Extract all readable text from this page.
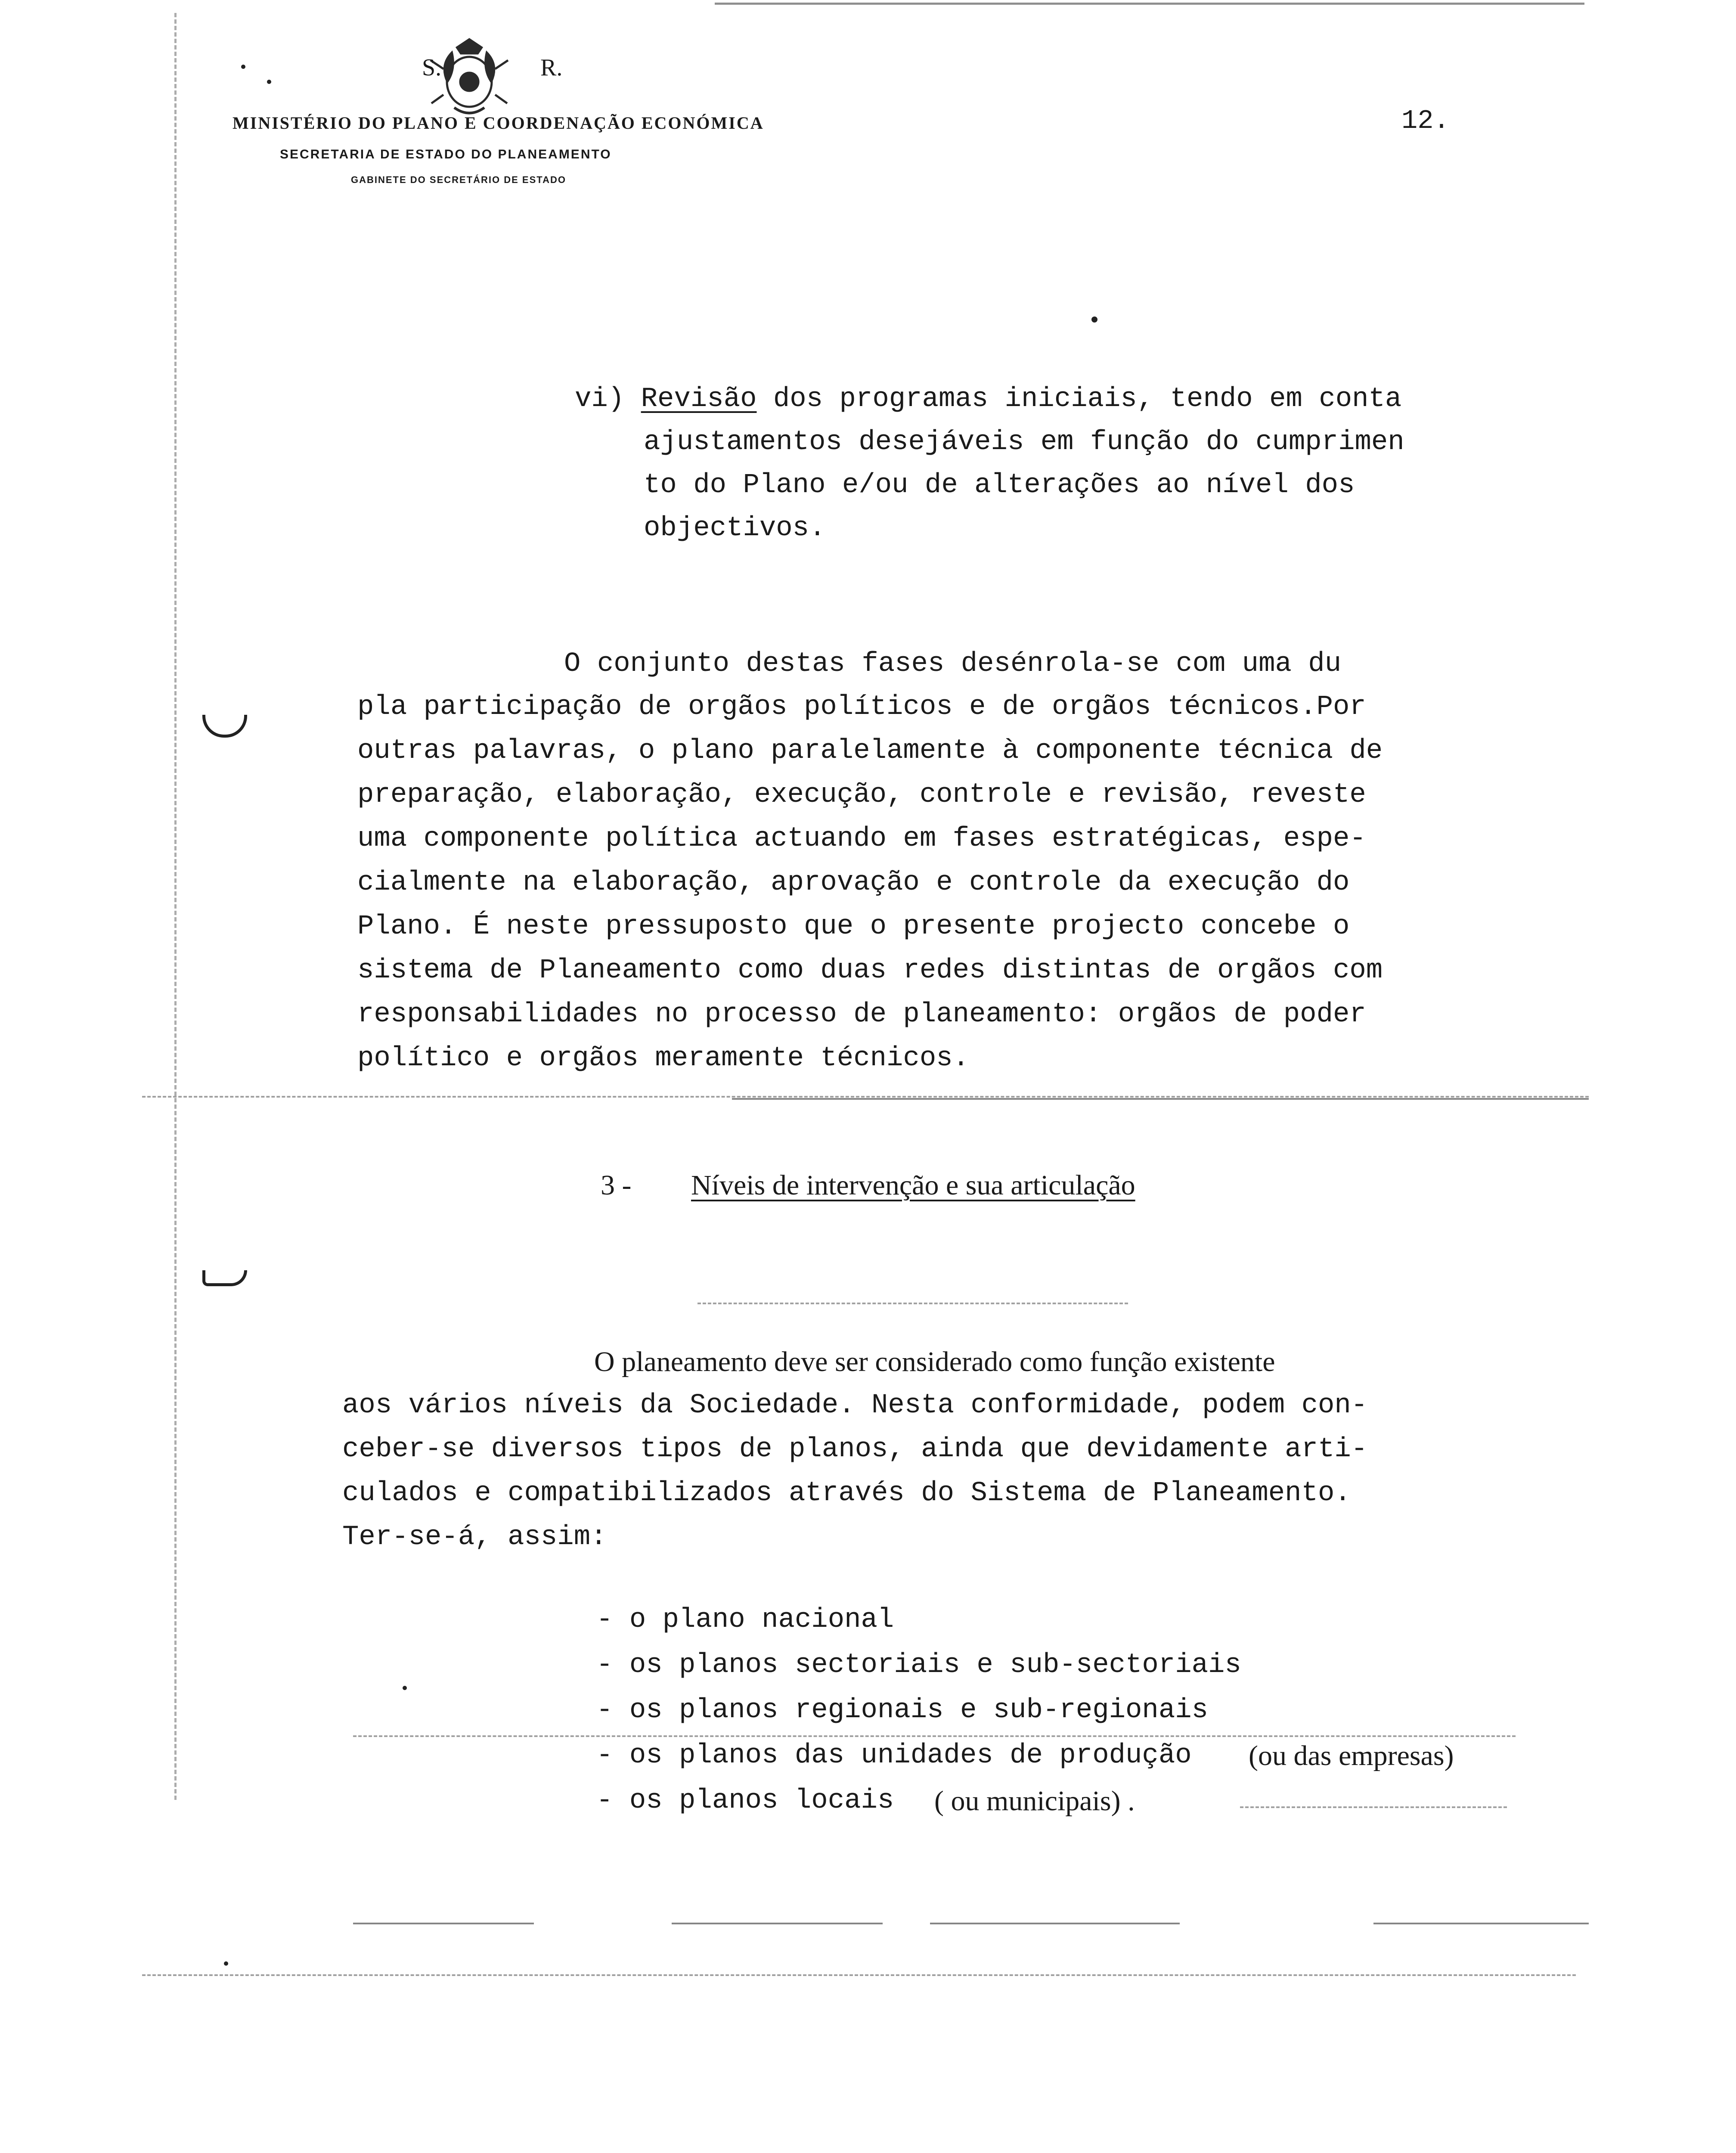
S.	R.
MINISTÉRIO DO PLANO E COORDENAÇÃO ECONÓMICA
SECRETARIA DE ESTADO DO PLANEAMENTO
GABINETE DO SECRETÁRIO DE ESTADO
12.
vi) Revisão dos programas iniciais, tendo em conta
ajustamentos desejáveis em função do cumprimen
to do Plano e/ou de alterações ao nível dos
objectivos.
O conjunto destas fases desénrola-se com uma du
pla participação de orgãos políticos e de orgãos técnicos.Por
outras palavras, o plano paralelamente à componente técnica de
preparação, elaboração, execução, controle e revisão, reveste
uma componente política actuando em fases estratégicas, espe-
cialmente na elaboração, aprovação e controle da execução do
Plano. É neste pressuposto que o presente projecto concebe o
sistema de Planeamento como duas redes distintas de orgãos com
responsabilidades no processo de planeamento: orgãos de poder
político e orgãos meramente técnicos.
3 - Níveis de intervenção e sua articulação
O planeamento deve ser considerado como função existente
aos vários níveis da Sociedade. Nesta conformidade, podem con-
ceber-se diversos tipos de planos, ainda que devidamente arti-
culados e compatibilizados através do Sistema de Planeamento.
Ter-se-á, assim:
- o plano nacional
- os planos sectoriais e sub-sectoriais
- os planos regionais e sub-regionais
- os planos das unidades de produção (ou das empresas)
- os planos locais ( ou municipais) .
